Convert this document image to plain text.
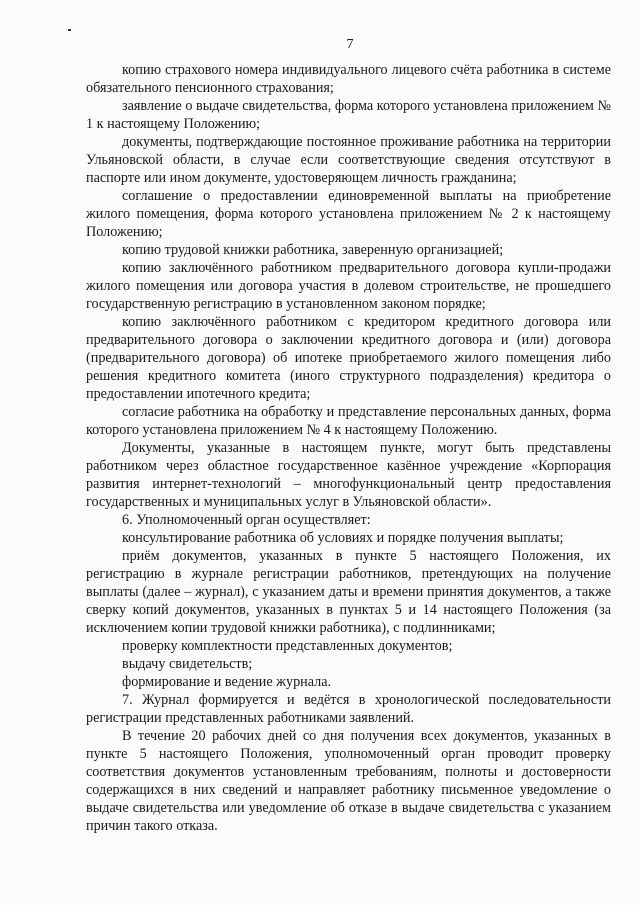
7

копию страхового номера индивидуального лицевого счёта работника в системе обязательного пенсионного страхования;

заявление о выдаче свидетельства, форма которого установлена приложением № 1 к настоящему Положению;

документы, подтверждающие постоянное проживание работника на территории Ульяновской области, в случае если соответствующие сведения отсутствуют в паспорте или ином документе, удостоверяющем личность гражданина;

соглашение о предоставлении единовременной выплаты на приобретение жилого помещения, форма которого установлена приложением № 2 к настоящему Положению;

копию трудовой книжки работника, заверенную организацией;

копию заключённого работником предварительного договора купли-продажи жилого помещения или договора участия в долевом строительстве, не прошедшего государственную регистрацию в установленном законом порядке;

копию заключённого работником с кредитором кредитного договора или предварительного договора о заключении кредитного договора и (или) договора (предварительного договора) об ипотеке приобретаемого жилого помещения либо решения кредитного комитета (иного структурного подразделения) кредитора о предоставлении ипотечного кредита;

согласие работника на обработку и представление персональных данных, форма которого установлена приложением № 4 к настоящему Положению.

Документы, указанные в настоящем пункте, могут быть представлены работником через областное государственное казённое учреждение «Корпорация развития интернет-технологий – многофункциональный центр предоставления государственных и муниципальных услуг в Ульяновской области».

6. Уполномоченный орган осуществляет:

консультирование работника об условиях и порядке получения выплаты;

приём документов, указанных в пункте 5 настоящего Положения, их регистрацию в журнале регистрации работников, претендующих на получение выплаты (далее – журнал), с указанием даты и времени принятия документов, а также сверку копий документов, указанных в пунктах 5 и 14 настоящего Положения (за исключением копии трудовой книжки работника), с подлинниками;

проверку комплектности представленных документов;

выдачу свидетельств;

формирование и ведение журнала.

7. Журнал формируется и ведётся в хронологической последовательности регистрации представленных работниками заявлений.

В течение 20 рабочих дней со дня получения всех документов, указанных в пункте 5 настоящего Положения, уполномоченный орган проводит проверку соответствия документов установленным требованиям, полноты и достоверности содержащихся в них сведений и направляет работнику письменное уведомление о выдаче свидетельства или уведомление об отказе в выдаче свидетельства с указанием причин такого отказа.
